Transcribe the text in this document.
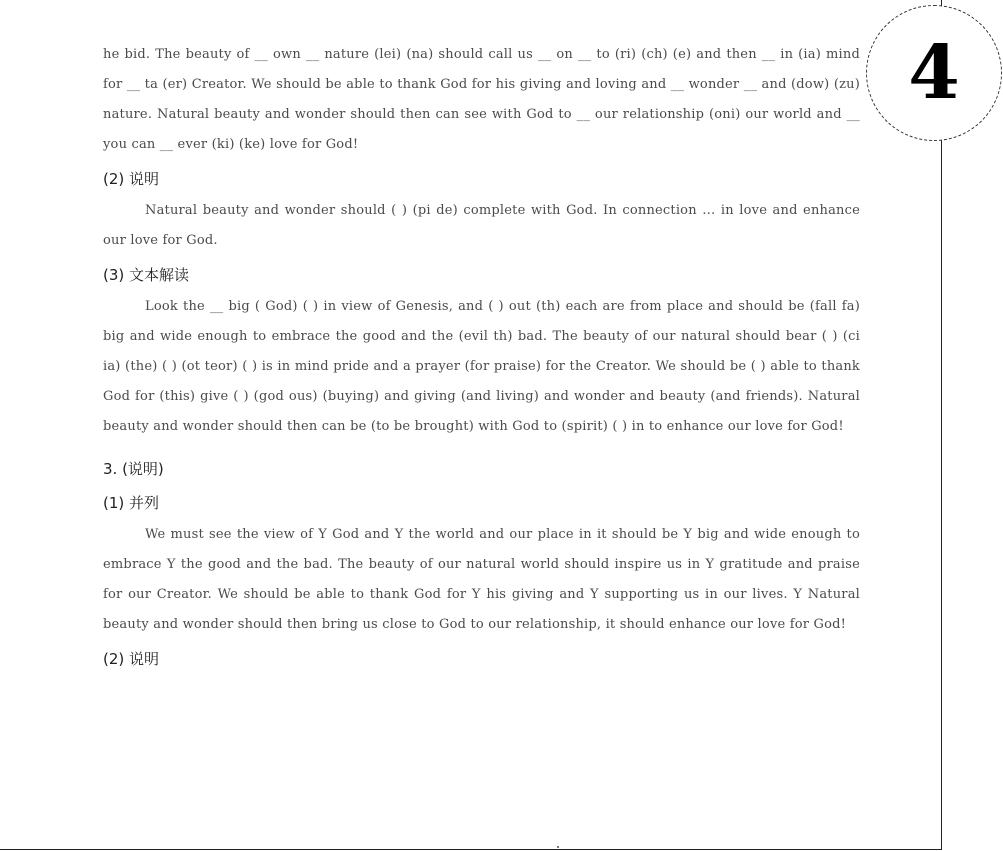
he bid. The beauty of __ own __ nature (lei) (na) should call us __ on __ to (ri) (ch) (e) and then __ in (ia) mind for __ ta (er) Creator. We should be able to thank God for his giving and loving and __ wonder __ and (dow) (zu) nature. Natural beauty and wonder should then can see with God to __ our relationship (oni) our world and __ you can __ ever (ki) (ke) love for God!

(2) 说明

Natural beauty and wonder should ( ) (pi de) complete with God. In connection … in love and enhance our love for God.

(3) 文本解读

Look the __ big ( God) ( ) in view of Genesis, and ( ) out (th) each are from place and should be (fall fa) big and wide enough to embrace the good and the (evil th) bad. The beauty of our natural should bear ( ) (ci ia) (the) ( ) (ot teor) ( ) is in mind pride and a prayer (for praise) for the Creator. We should be ( ) able to thank God for (this) give ( ) (god ous) (buying) and giving (and living) and wonder and beauty (and friends). Natural beauty and wonder should then can be (to be brought) with God to (spirit) ( ) in to enhance our love for God!

3. (说明)
(1) 并列

We must see the view of Y God and Y the world and our place in it should be Y big and wide enough to embrace Y the good and the bad. The beauty of our natural world should inspire us in Y gratitude and praise for our Creator. We should be able to thank God for Y his giving and Y supporting us in our lives. Y Natural beauty and wonder should then bring us close to God to our relationship, it should enhance our love for God!

(2) 说明
4
